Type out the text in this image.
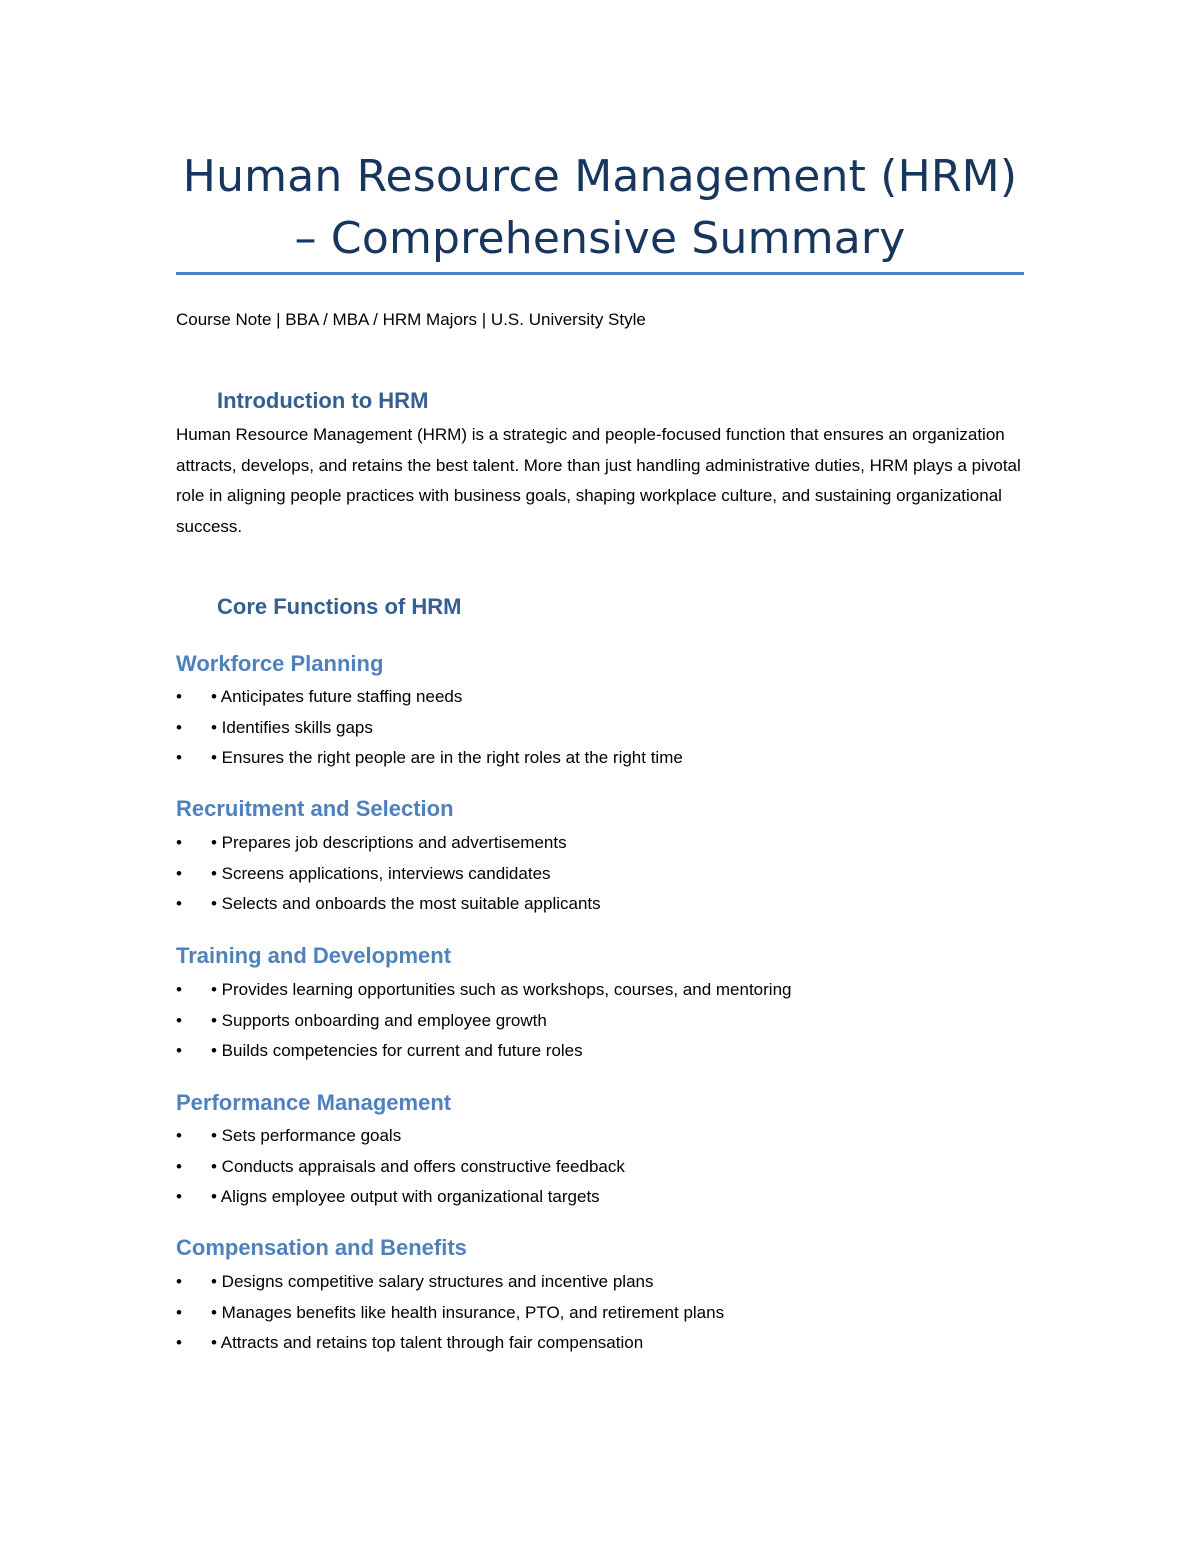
Human Resource Management (HRM) – Comprehensive Summary

Course Note | BBA / MBA / HRM Majors | U.S. University Style

Introduction to HRM

Human Resource Management (HRM) is a strategic and people-focused function that ensures an organization attracts, develops, and retains the best talent. More than just handling administrative duties, HRM plays a pivotal role in aligning people practices with business goals, shaping workplace culture, and sustaining organizational success.

Core Functions of HRM
Workforce Planning
• • Anticipates future staffing needs
• • Identifies skills gaps
• • Ensures the right people are in the right roles at the right time
Recruitment and Selection
• • Prepares job descriptions and advertisements
• • Screens applications, interviews candidates
• • Selects and onboards the most suitable applicants
Training and Development
• • Provides learning opportunities such as workshops, courses, and mentoring
• • Supports onboarding and employee growth
• • Builds competencies for current and future roles
Performance Management
• • Sets performance goals
• • Conducts appraisals and offers constructive feedback
• • Aligns employee output with organizational targets
Compensation and Benefits
• • Designs competitive salary structures and incentive plans
• • Manages benefits like health insurance, PTO, and retirement plans
• • Attracts and retains top talent through fair compensation
